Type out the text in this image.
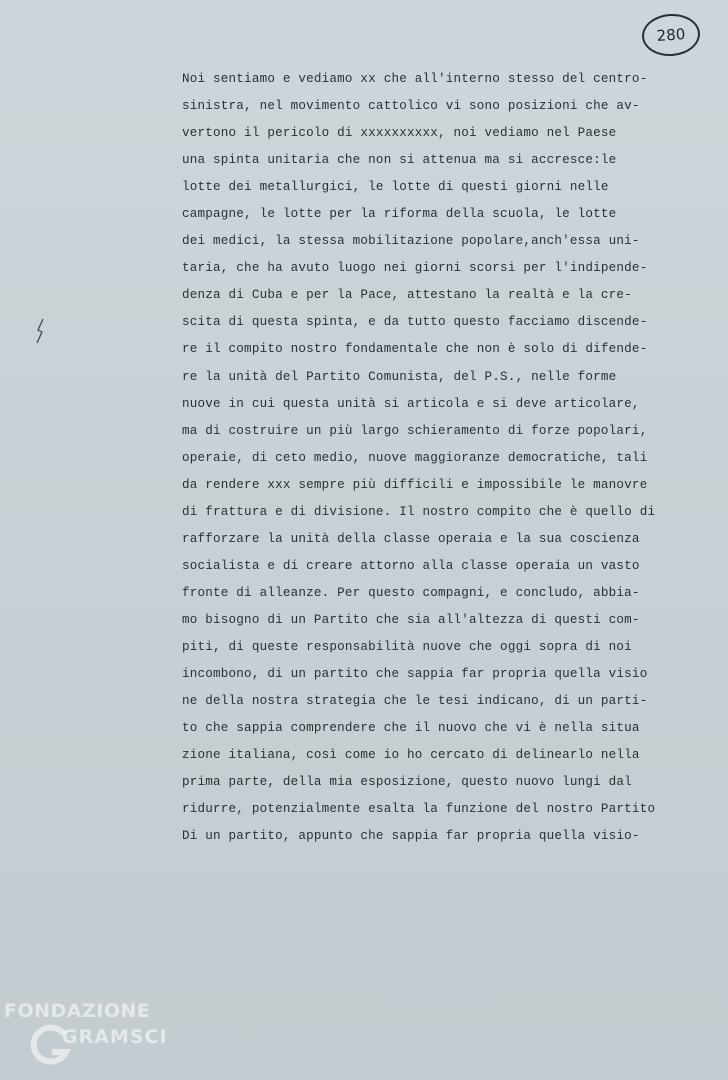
280
Noi sentiamo e vediamo xx che all'interno stesso del centro-
sinistra, nel movimento cattolico vi sono posizioni che av-
vertono il pericolo di xxxxxxxxxx, noi vediamo nel Paese
una spinta unitaria che non si attenua ma si accresce:le
lotte dei metallurgici, le lotte di questi giorni nelle
campagne, le lotte per la riforma della scuola, le lotte
dei medici, la stessa mobilitazione popolare,anch'essa uni-
taria, che ha avuto luogo nei giorni scorsi per l'indipende-
denza di Cuba e per la Pace, attestano la realtà e la cre-
scita di questa spinta, e da tutto questo facciamo discende-
re il compito nostro fondamentale che non è solo di difende-
re la unità del Partito Comunista, del P.S., nelle forme
nuove in cui questa unità si articola e si deve articolare,
ma di costruire un più largo schieramento di forze popolari,
operaie, di ceto medio, nuove maggioranze democratiche, tali
da rendere xxx sempre più difficili e impossibile le manovre
di frattura e di divisione. Il nostro compito che è quello di
rafforzare la unità della classe operaia e la sua coscienza
socialista e di creare attorno alla classe operaia un vasto
fronte di alleanze. Per questo compagni, e concludo, abbia-
mo bisogno di un Partito che sia all'altezza di questi com-
piti, di queste responsabilità nuove che oggi sopra di noi
incombono, di un partito che sappia far propria quella visio
ne della nostra strategia che le tesi indicano, di un parti-
to che sappia comprendere che il nuovo che vi è nella situa
zione italiana, così come io ho cercato di delinearlo nella
prima parte, della mia esposizione, questo nuovo lungi dal
ridurre, potenzialmente esalta la funzione del nostro Partito
Di un partito, appunto che sappia far propria quella visio-
FONDAZIONE
GRAMSCI
